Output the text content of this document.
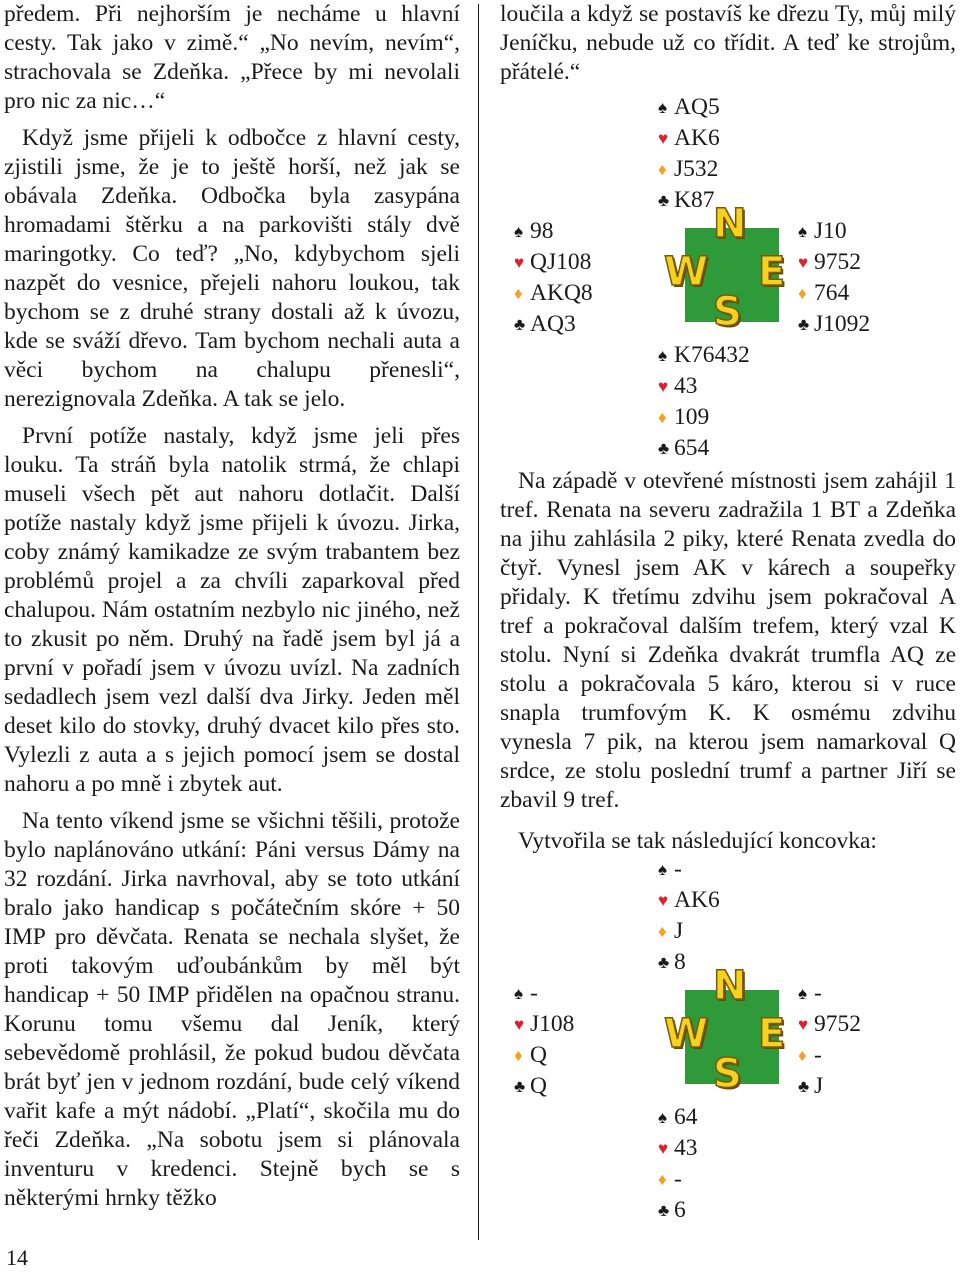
předem. Při nejhorším je necháme u hlavní cesty. Tak jako v zimě.“ „No nevím, nevím“, strachovala se Zdeňka. „Přece by mi nevolali pro nic za nic…“

Když jsme přijeli k odbočce z hlavní cesty, zjistili jsme, že je to ještě horší, než jak se obávala Zdeňka. Odbočka byla zasypána hromadami štěrku a na parkovišti stály dvě maringotky. Co teď? „No, kdybychom sjeli nazpět do vesnice, přejeli nahoru loukou, tak bychom se z druhé strany dostali až k úvozu, kde se sváží dřevo. Tam bychom nechali auta a věci bychom na chalupu přenesli“, nerezignovala Zdeňka. A tak se jelo.

První potíže nastaly, když jsme jeli přes louku. Ta stráň byla natolik strmá, že chlapi museli všech pět aut nahoru dotlačit. Další potíže nastaly když jsme přijeli k úvozu. Jirka, coby známý kamikadze ze svým trabantem bez problémů projel a za chvíli zaparkoval před chalupou. Nám ostatním nezbylo nic jiného, než to zkusit po něm. Druhý na řadě jsem byl já a první v pořadí jsem v úvozu uvízl. Na zadních sedadlech jsem vezl další dva Jirky. Jeden měl deset kilo do stovky, druhý dvacet kilo přes sto. Vylezli z auta a s jejich pomocí jsem se dostal nahoru a po mně i zbytek aut.

Na tento víkend jsme se všichni těšili, protože bylo naplánováno utkání: Páni versus Dámy na 32 rozdání. Jirka navrhoval, aby se toto utkání bralo jako handicap s počátečním skóre + 50 IMP pro děvčata. Renata se nechala slyšet, že proti takovým uďoubánkům by měl být handicap + 50 IMP přidělen na opačnou stranu. Korunu tomu všemu dal Jeník, který sebevědomě prohlásil, že pokud budou děvčata brát byť jen v jednom rozdání, bude celý víkend vařit kafe a mýt nádobí. „Platí“, skočila mu do řeči Zdeňka. „Na sobotu jsem si plánovala inventuru v kredenci. Stejně bych se s některými hrnky těžko

14

loučila a když se postavíš ke dřezu Ty, můj milý Jeníčku, nebude už co třídit. A teď ke strojům, přátelé.“

♠ AQ5
♥ AK6
♦ J532
♣ K87
♠ 98
♥ QJ108
♦ AKQ8
♣ AQ3
N
W E
S
♠ J10
♥ 9752
♦ 764
♣ J1092
♠ K76432
♥ 43
♦ 109
♣ 654

Na západě v otevřené místnosti jsem zahájil 1 tref. Renata na severu zadražila 1 BT a Zdeňka na jihu zahlásila 2 piky, které Renata zvedla do čtyř. Vynesl jsem AK v kárech a soupeřky přidaly. K třetímu zdvihu jsem pokračoval A tref a pokračoval dalším trefem, který vzal K stolu. Nyní si Zdeňka dvakrát trumfla AQ ze stolu a pokračovala 5 káro, kterou si v ruce snapla trumfovým K. K osmému zdvihu vynesla 7 pik, na kterou jsem namarkoval Q srdce, ze stolu poslední trumf a partner Jiří se zbavil 9 tref.

Vytvořila se tak následující koncovka:

♠ -
♥ AK6
♦ J
♣ 8
♠ -
♥ J108
♦ Q
♣ Q
N
W E
S
♠ -
♥ 9752
♦ -
♣ J
♠ 64
♥ 43
♦ -
♣ 6
